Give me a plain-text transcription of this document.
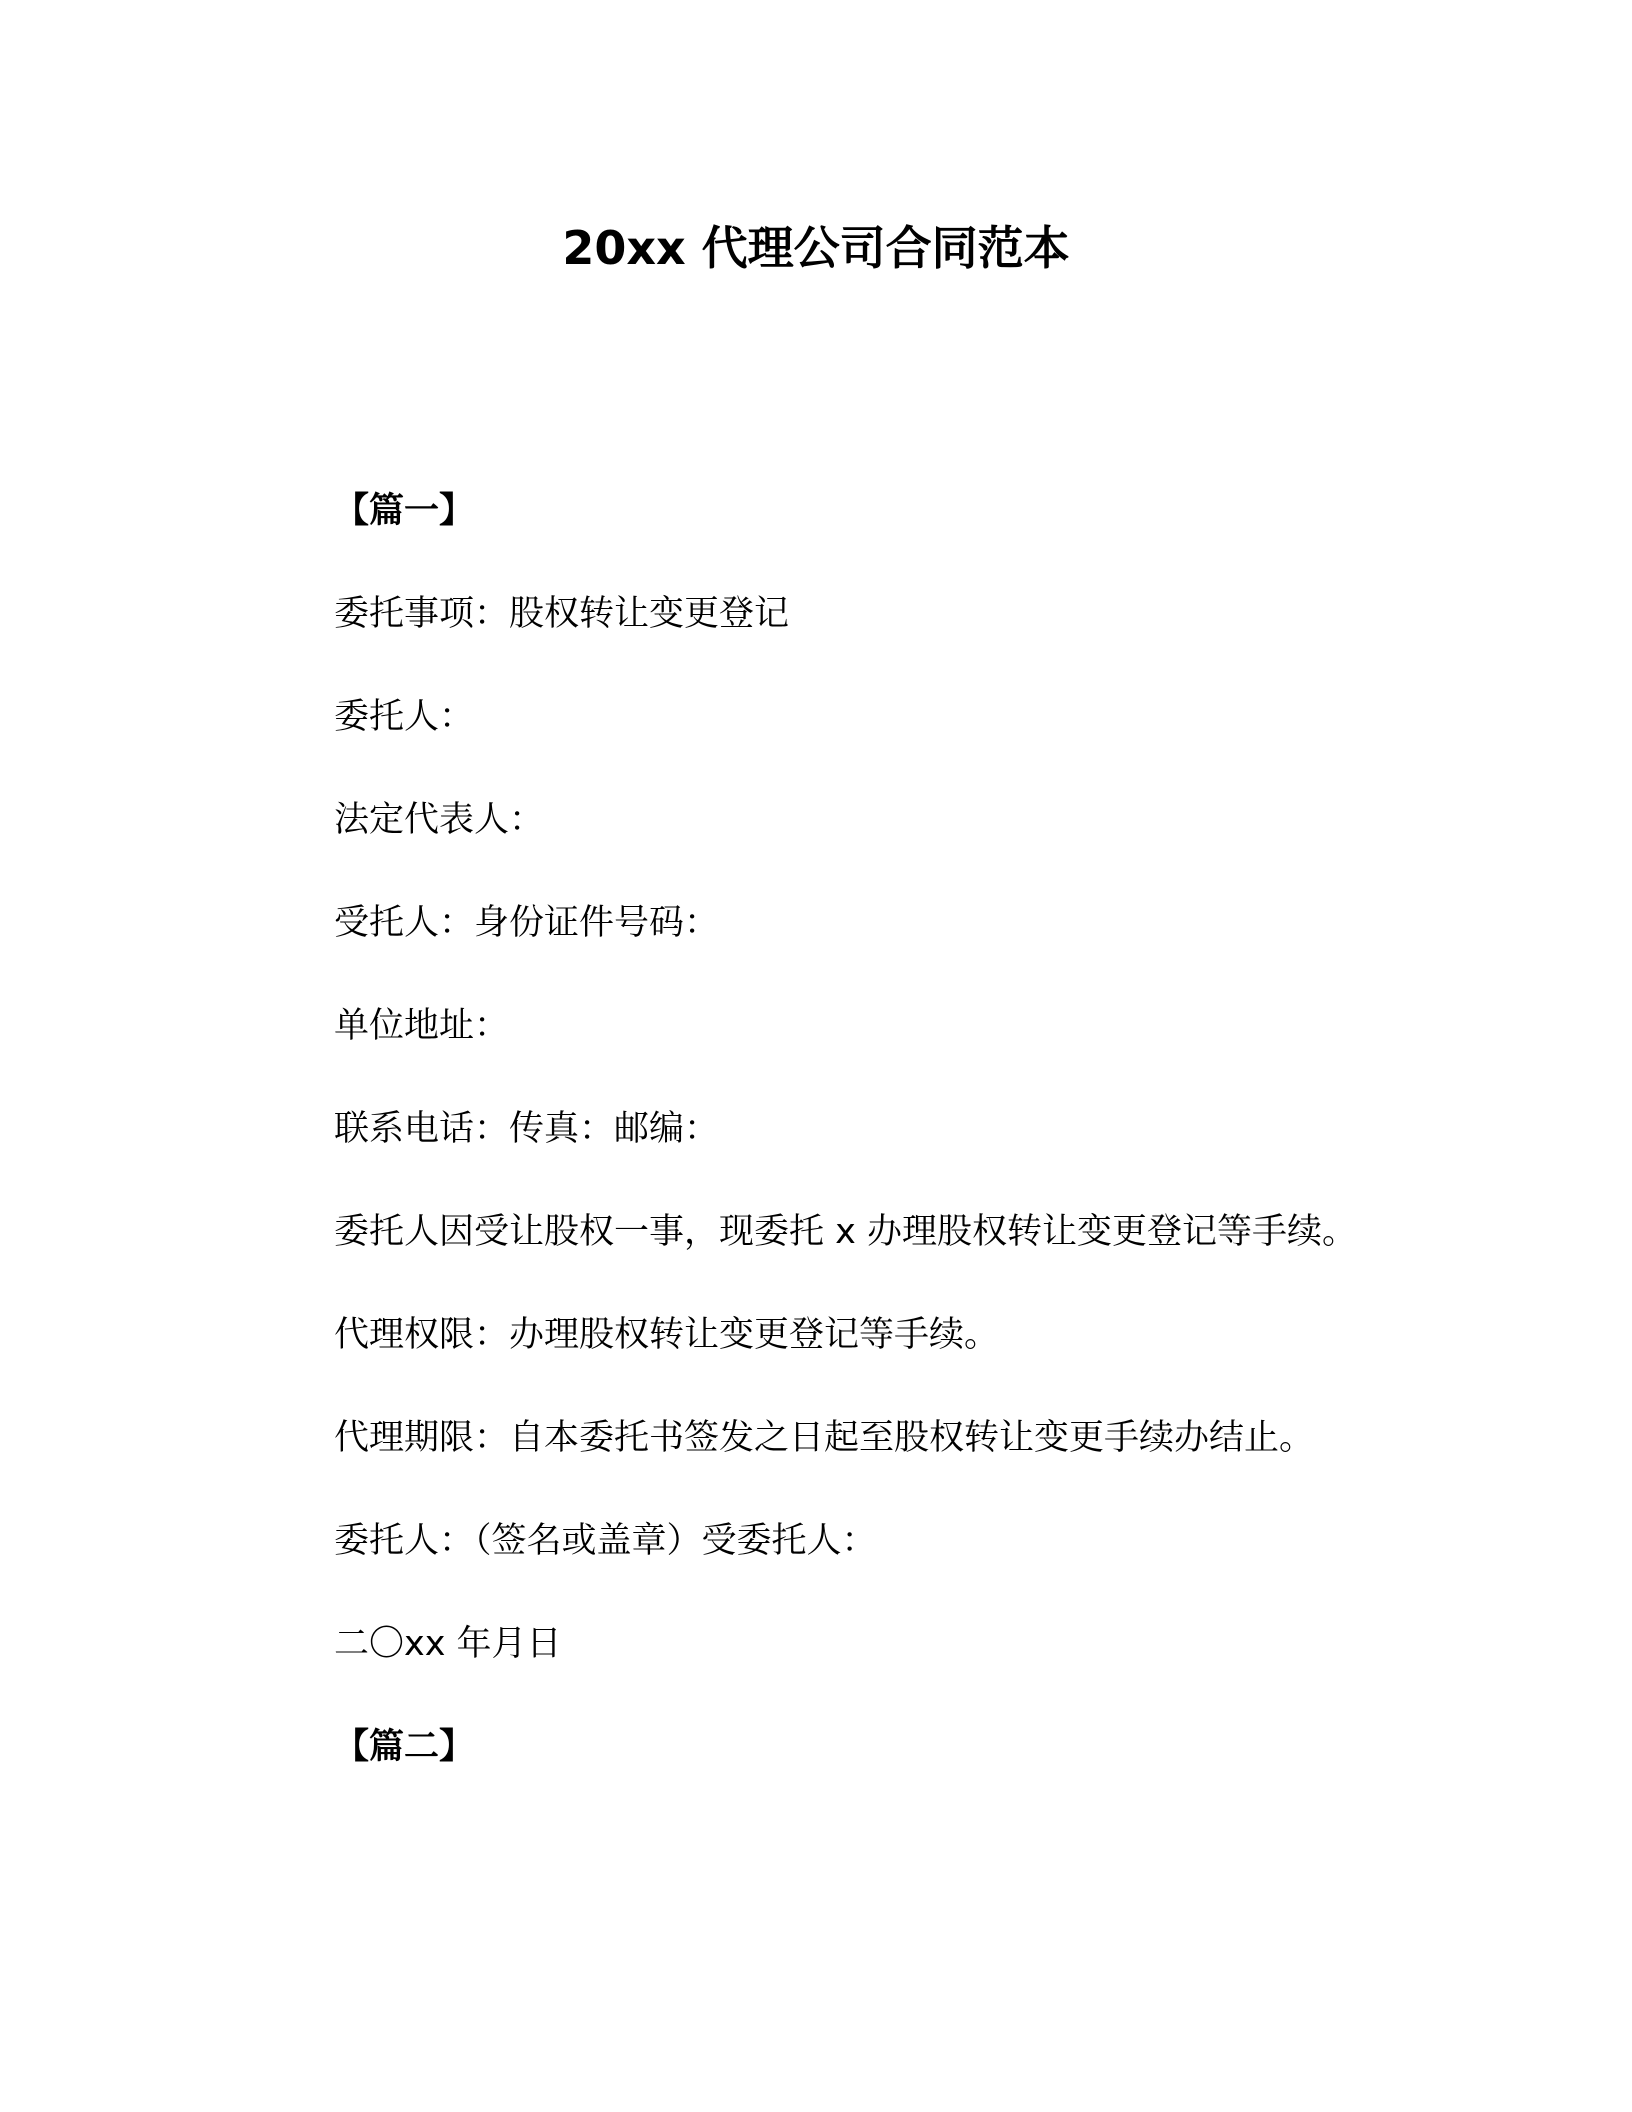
20xx 代理公司合同范本
【篇一】
委托事项：股权转让变更登记
委托人：
法定代表人：
受托人：身份证件号码：
单位地址：
联系电话：传真：邮编：
委托人因受让股权一事，现委托 x 办理股权转让变更登记等手续。
代理权限：办理股权转让变更登记等手续。
代理期限：自本委托书签发之日起至股权转让变更手续办结止。
委托人：（签名或盖章）受委托人：
二〇xx 年月日
【篇二】
